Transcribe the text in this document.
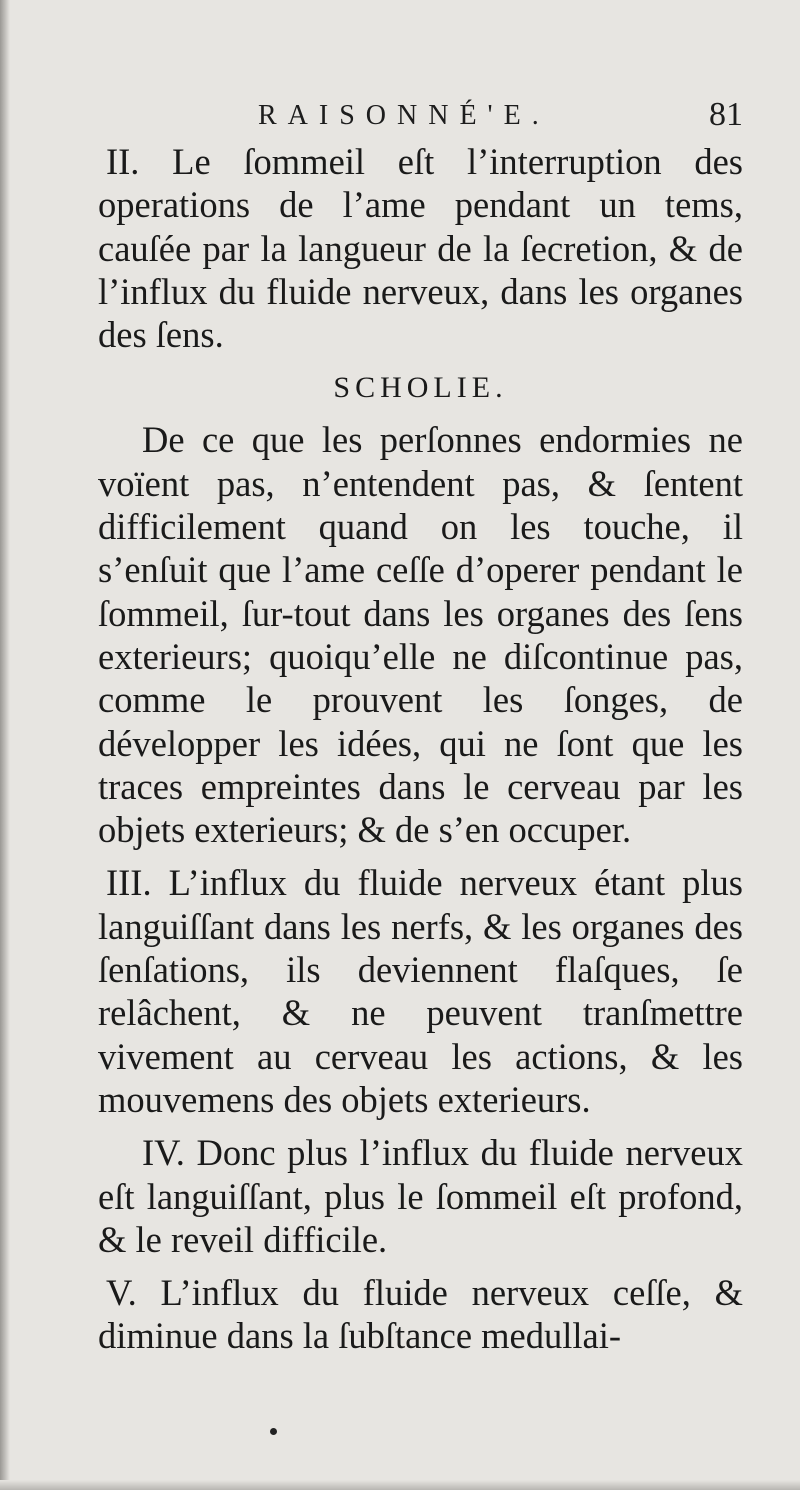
RAISONNÉ'E.	81

II. Le ſommeil eſt l’interruption des operations de l’ame pendant un tems, cauſée par la langueur de la ſecretion, & de l’influx du fluide nerveux, dans les organes des ſens.

SCHOLIE.

De ce que les perſonnes endormies ne voïent pas, n’entendent pas, & ſentent difficilement quand on les touche, il s’enſuit que l’ame ceſſe d’operer pendant le ſommeil, ſur-tout dans les organes des ſens exterieurs; quoiqu’elle ne diſcontinue pas, comme le prouvent les ſonges, de développer les idées, qui ne ſont que les traces empreintes dans le cerveau par les objets exterieurs; & de s’en occuper.

III. L’influx du fluide nerveux étant plus languiſſant dans les nerfs, & les organes des ſenſations, ils deviennent flaſques, ſe relâchent, & ne peuvent tranſmettre vivement au cerveau les actions, & les mouvemens des objets exterieurs.

IV. Donc plus l’influx du fluide nerveux eſt languiſſant, plus le ſommeil eſt profond, & le reveil difficile.

V. L’influx du fluide nerveux ceſſe, & diminue dans la ſubſtance medullai-
